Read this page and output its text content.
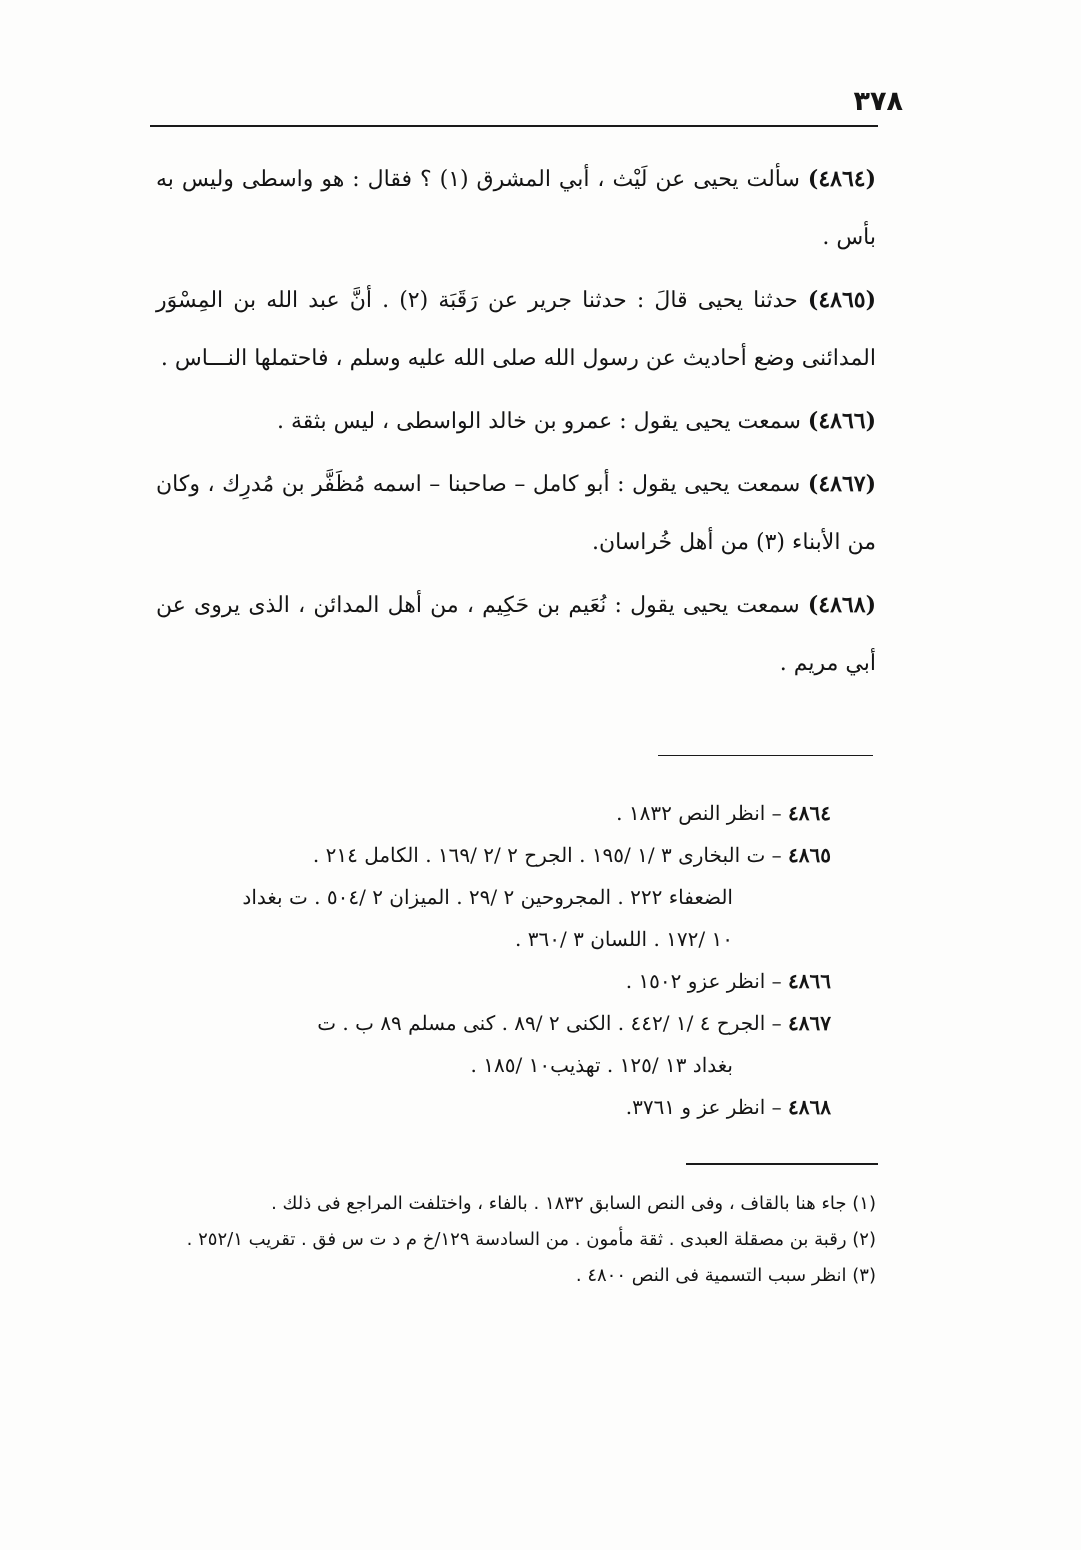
٣٧٨

(٤٨٦٤) سألت يحيى عن لَيْث ، أبي المشرق (١) ؟ فقال : هو واسطى وليس به بأس .

(٤٨٦٥) حدثنا يحيى قالَ : حدثنا جرير عن رَقَبَة (٢) . أنَّ عبد الله بن المِسْوَر المدائنى وضع أحاديث عن رسول الله صلى الله عليه وسلم ، فاحتملها النـــاس .

(٤٨٦٦) سمعت يحيى يقول : عمرو بن خالد الواسطى ، ليس بثقة .

(٤٨٦٧) سمعت يحيى يقول : أبو كامل – صاحبنا – اسمه مُظَفَّر بن مُدرِك ، وكان من الأبناء (٣) من أهل خُراسان.

(٤٨٦٨) سمعت يحيى يقول : نُعَيم بن حَكِيم ، من أهل المدائن ، الذى يروى عن أبي مريم .

٤٨٦٤ – انظر النص ١٨٣٢ .

٤٨٦٥ – ت البخارى ٣ /١ /١٩٥ . الجرح ٢ /٢ /١٦٩ . الكامل ٢١٤ .
الضعفاء ٢٢٢ . المجروحين ٢ /٢٩ . الميزان ٢ /٥٠٤ . ت بغداد
١٠ /١٧٢ . اللسان ٣ /٣٦٠ .

٤٨٦٦ – انظر عزو ١٥٠٢ .

٤٨٦٧ – الجرح ٤ /١ /٤٤٢ . الكنى ٢ /٨٩ . كنى مسلم ٨٩ ب . ت
بغداد ١٣ /١٢٥ . تهذيب١٠ /١٨٥ .

٤٨٦٨ – انظر عز و ٣٧٦١.

(١) جاء هنا بالقاف ، وفى النص السابق ١٨٣٢ . بالفاء ، واختلفت المراجع فى ذلك .

(٢) رقبة بن مصقلة العبدى . ثقة مأمون . من السادسة ١٢٩/خ م د ت س فق . تقريب ٢٥٢/١ .

(٣) انظر سبب التسمية فى النص ٤٨٠٠ .
